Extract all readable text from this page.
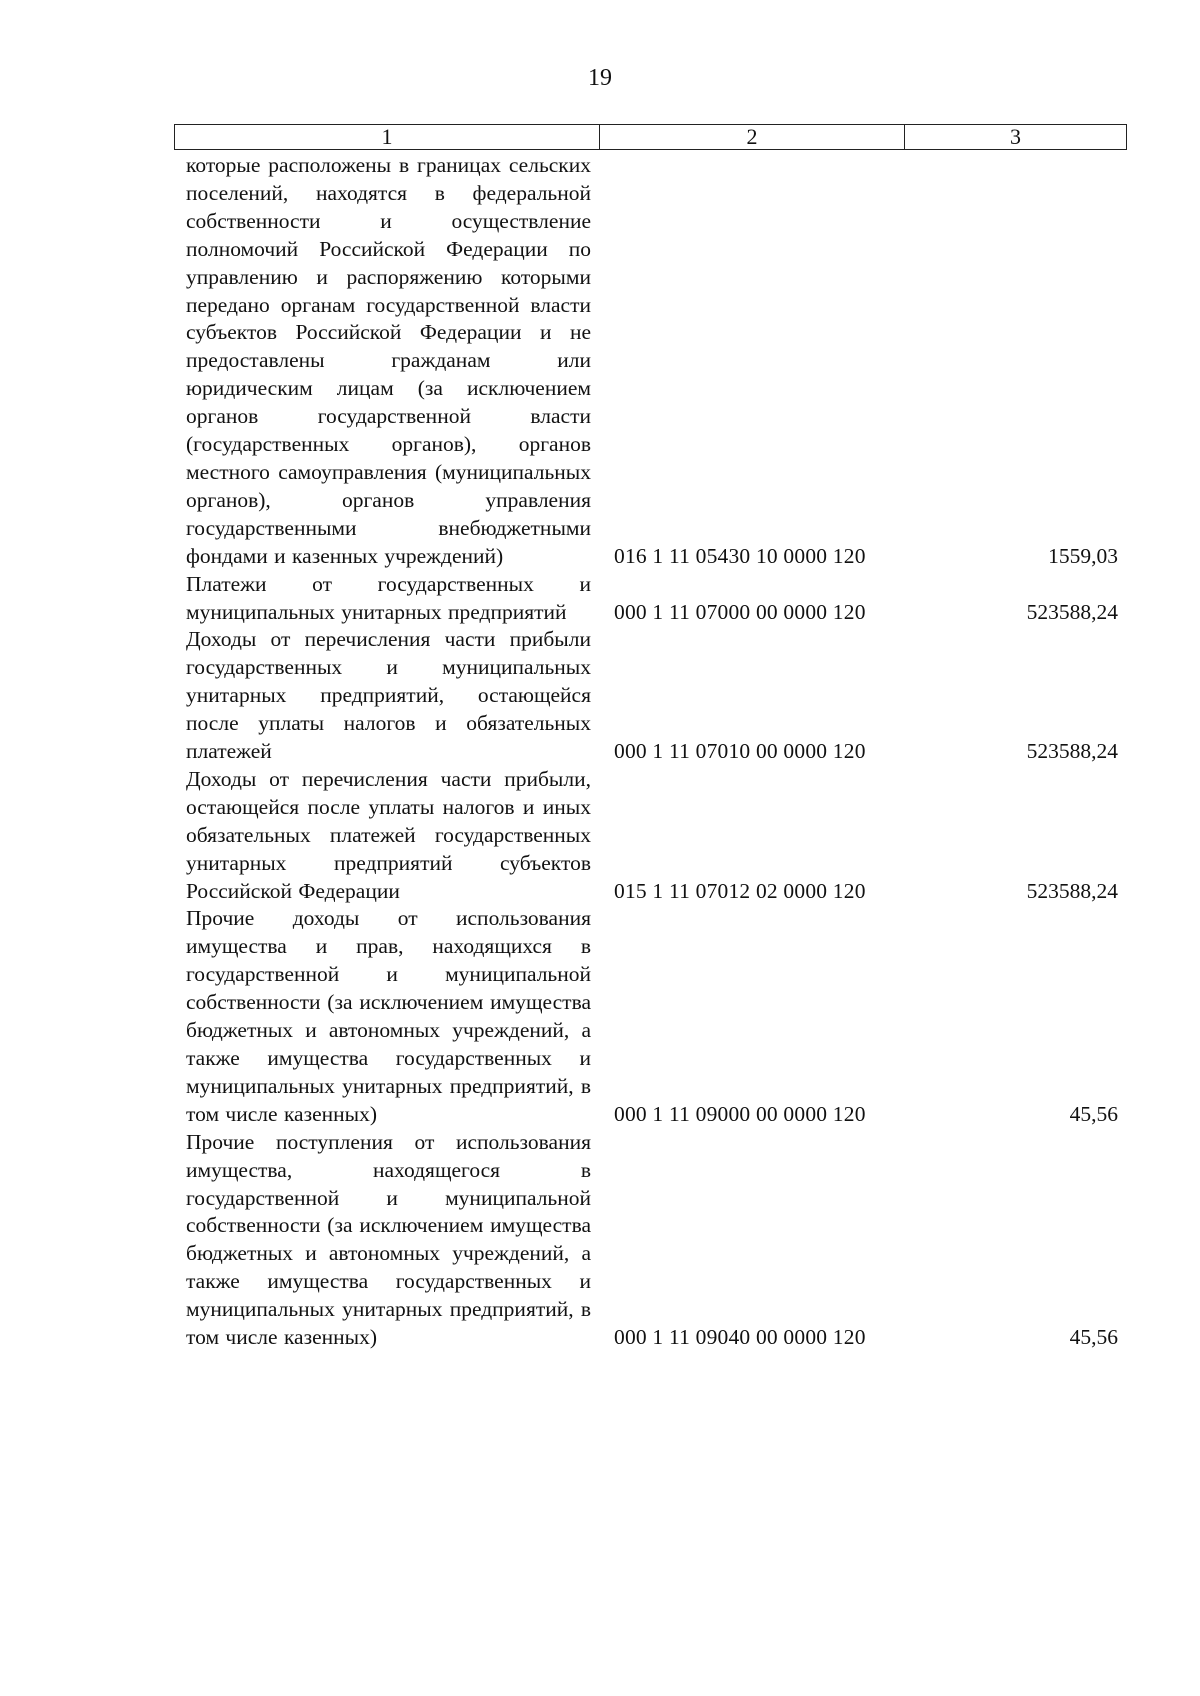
19
1	2	3
которые расположены в границах сельских поселений, находятся в федеральной собственности и осуществление полномочий Российской Федерации по управлению и распоряжению которыми передано органам государственной власти субъектов Российской Федерации и не предоставлены гражданам или юридическим лицам (за исключением органов государственной власти (государственных органов), органов местного самоуправления (муниципальных органов), органов управления государственными внебюджетными фондами и казенных учреждений)	016 1 11 05430 10 0000 120	1559,03
Платежи от государственных и муниципальных унитарных предприятий	000 1 11 07000 00 0000 120	523588,24
Доходы от перечисления части прибыли государственных и муниципальных унитарных предприятий, остающейся после уплаты налогов и обязательных платежей	000 1 11 07010 00 0000 120	523588,24
Доходы от перечисления части прибыли, остающейся после уплаты налогов и иных обязательных платежей государственных унитарных предприятий субъектов Российской Федерации	015 1 11 07012 02 0000 120	523588,24
Прочие доходы от использования имущества и прав, находящихся в государственной и муниципальной собственности (за исключением имущества бюджетных и автономных учреждений, а также имущества государственных и муниципальных унитарных предприятий, в том числе казенных)	000 1 11 09000 00 0000 120	45,56
Прочие поступления от использования имущества, находящегося в государственной и муниципальной собственности (за исключением имущества бюджетных и автономных учреждений, а также имущества государственных и муниципальных унитарных предприятий, в том числе казенных)	000 1 11 09040 00 0000 120	45,56
